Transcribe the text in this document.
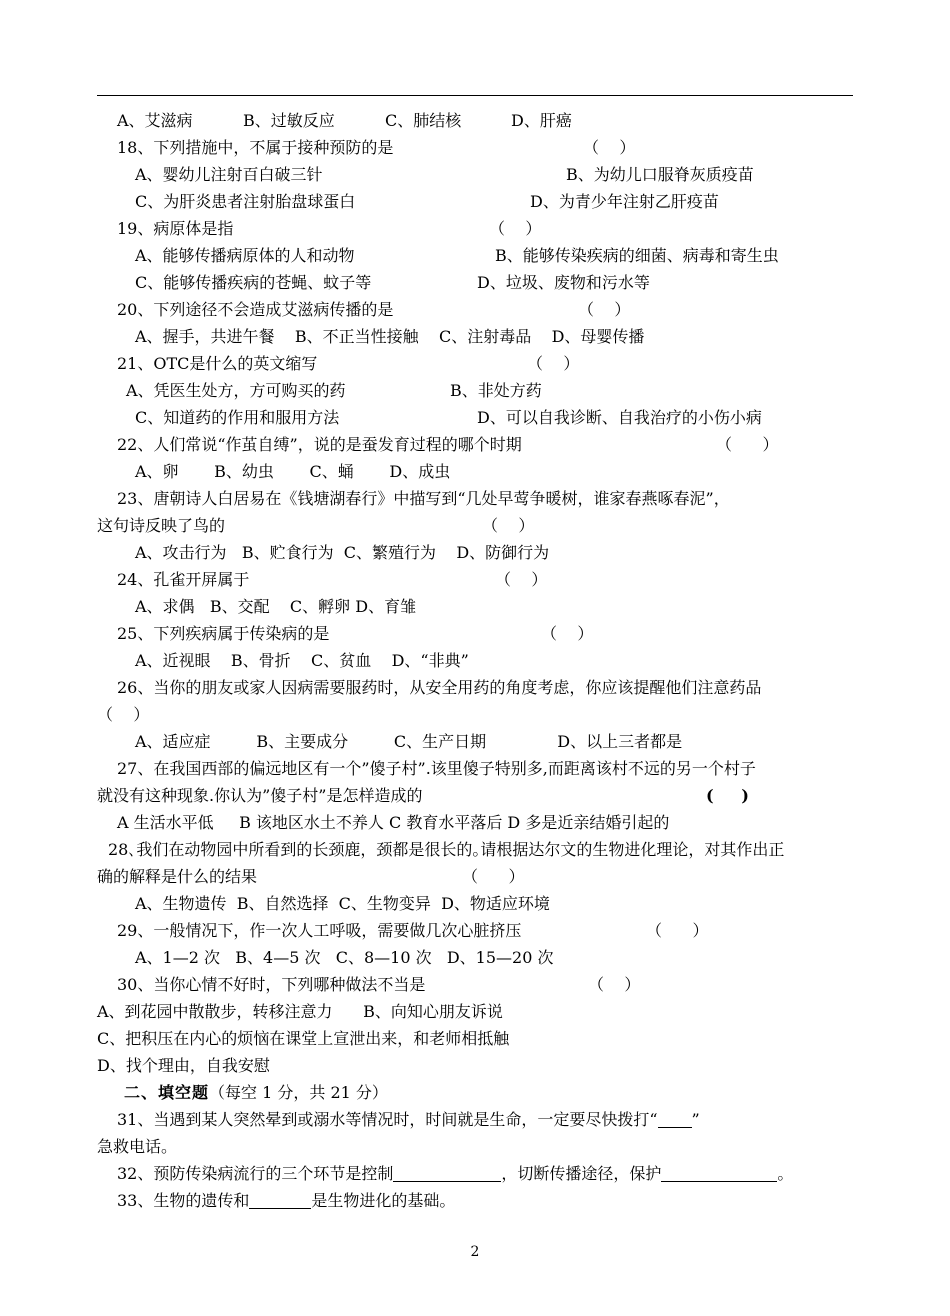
A、艾滋病	B、过敏反应	C、肺结核	D、肝癌
18、下列措施中，不属于接种预防的是	（    ）
A、婴幼儿注射百白破三针	B、为幼儿口服脊灰质疫苗
C、为肝炎患者注射胎盘球蛋白	D、为青少年注射乙肝疫苗
19、病原体是指	（    ）
A、能够传播病原体的人和动物	B、能够传染疾病的细菌、病毒和寄生虫
C、能够传播疾病的苍蝇、蚊子等	D、垃圾、废物和污水等
20、下列途径不会造成艾滋病传播的是	（    ）
A、握手，共进午餐    B、不正当性接触    C、注射毒品    D、母婴传播
21、OTC是什么的英文缩写	（    ）
A、凭医生处方，方可购买的药	B、非处方药
C、知道药的作用和服用方法	D、可以自我诊断、自我治疗的小伤小病
22、人们常说“作茧自缚”，说的是蚕发育过程的哪个时期	（      ）
A、卵       B、幼虫       C、蛹       D、成虫
23、唐朝诗人白居易在《钱塘湖春行》中描写到“几处早莺争暖树，谁家春燕啄春泥”，
这句诗反映了鸟的	（    ）
A、攻击行为   B、贮食行为  C、繁殖行为    D、防御行为
24、孔雀开屏属于	（    ）
A、求偶   B、交配    C、孵卵 D、育雏
25、下列疾病属于传染病的是	（    ）
A、近视眼    B、骨折    C、贫血    D、“非典”
26、当你的朋友或家人因病需要服药时，从安全用药的角度考虑，你应该提醒他们注意药品
（    ）
A、适应症         B、主要成分         C、生产日期              D、以上三者都是
27、在我国西部的偏远地区有一个”傻子村”.该里傻子特别多,而距离该村不远的另一个村子
就没有这种现象.你认为”傻子村”是怎样造成的	(     )
A 生活水平低     B 该地区水土不养人 C 教育水平落后 D 多是近亲结婚引起的
28､我们在动物园中所看到的长颈鹿，颈都是很长的｡请根据达尔文的生物进化理论，对其作出正
确的解释是什么的结果	（      ）
A、生物遗传  B、自然选择  C、生物变异  D、物适应环境
29、一般情况下，作一次人工呼吸，需要做几次心脏挤压	（      ）
A、1—2 次   B、4—5 次   C、8—10 次   D、15—20 次
30、当你心情不好时，下列哪种做法不当是	（    ）
A、到花园中散散步，转移注意力      B、向知心朋友诉说
C、把积压在内心的烦恼在课堂上宣泄出来，和老师相抵触
D、找个理由，自我安慰
二、填空题（每空 1 分，共 21 分）
31、当遇到某人突然晕到或溺水等情况时，时间就是生命，一定要尽快拨打“ ”
急救电话。
32、预防传染病流行的三个环节是控制	，切断传播途径，保护	。
33、生物的遗传和	是生物进化的基础。
2
